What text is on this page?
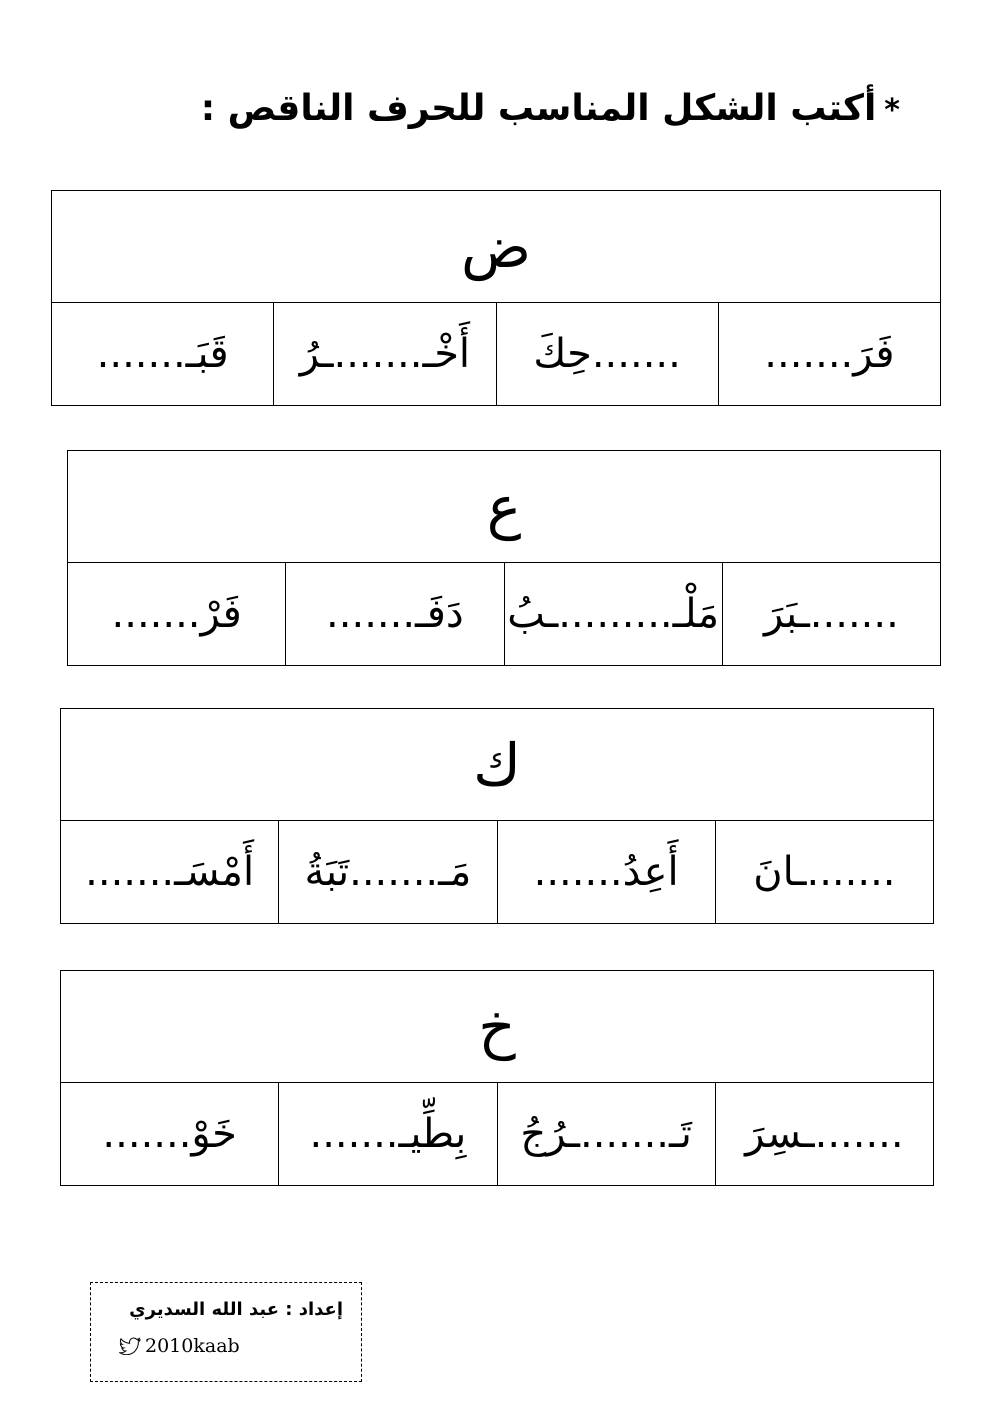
*أكتب الشكل المناسب للحرف الناقص :
ض
فَرَ.......	.......حِكَ	أَخْـ.......ـرُ	قَبَـ.......
ع
.......ـبَرَ	مَلْـ.........ـبُ	دَفَـ.......	فَرْ.......
ك
.......ـانَ	أَعِدُ.......	مَـ.......تَبَةُ	أَمْسَـ.......
خ
.......ـسِرَ	تَـ.......ـرُجُ	بِطِّيـ.......	خَوْ.......
إعداد : عبد الله السديري
2010kaab
